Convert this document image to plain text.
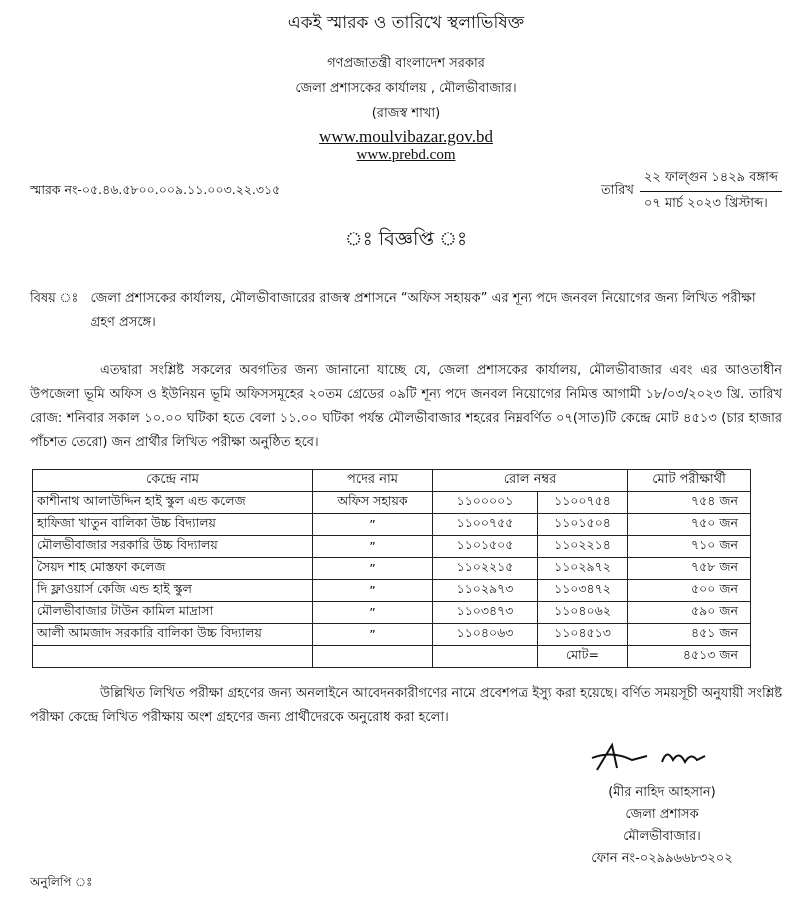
একই স্মারক ও তারিখে স্থলাভিষিক্ত
গণপ্রজাতন্ত্রী বাংলাদেশ সরকার
জেলা প্রশাসকের কার্যালয় , মৌলভীবাজার।
(রাজস্ব শাখা)
www.moulvibazar.gov.bd
www.prebd.com
স্মারক নং-০৫.৪৬.৫৮০০.০০৯.১১.০০৩.২২.৩১৫	তারিখ $\frac{\text{২২ ফাল্গুন ১৪২৯ বঙ্গাব্দ}}{\text{০৭ মার্চ ২০২৩ খ্রিস্টাব্দ।}}$
ঃ বিজ্ঞপ্তি ঃ
বিষয় ঃ জেলা প্রশাসকের কার্যালয়, মৌলভীবাজারের রাজস্ব প্রশাসনে “অফিস সহায়ক” এর শূন্য পদে জনবল নিয়োগের জন্য লিখিত পরীক্ষা গ্রহণ প্রসঙ্গে।
এতদ্বারা সংশ্লিষ্ট সকলের অবগতির জন্য জানানো যাচ্ছে যে, জেলা প্রশাসকের কার্যালয়, মৌলভীবাজার এবং এর আওতাধীন উপজেলা ভূমি অফিস ও ইউনিয়ন ভূমি অফিসসমূহের ২০তম গ্রেডের ০৯টি শূন্য পদে জনবল নিয়োগের নিমিত্ত আগামী ১৮/০৩/২০২৩ খ্রি. তারিখ রোজ: শনিবার সকাল ১০.০০ ঘটিকা হতে বেলা ১১.০০ ঘটিকা পর্যন্ত মৌলভীবাজার শহরের নিম্নবর্ণিত ০৭(সাত)টি কেন্দ্রে মোট ৪৫১৩ (চার হাজার পাঁচশত তেরো) জন প্রার্থীর লিখিত পরীক্ষা অনুষ্ঠিত হবে।
কেন্দ্রে নাম	পদের নাম	রোল নম্বর		মোট পরীক্ষার্থী
কাশীনাথ আলাউদ্দিন হাই স্কুল এন্ড কলেজ	অফিস সহায়ক	১১০০০০১	১১০০৭৫৪	৭৫৪ জন
হাফিজা খাতুন বালিকা উচ্চ বিদ্যালয়	”	১১০০৭৫৫	১১০১৫০৪	৭৫০ জন
মৌলভীবাজার সরকারি উচ্চ বিদ্যালয়	”	১১০১৫০৫	১১০২২১৪	৭১০ জন
সৈয়দ শাহ মোস্তফা কলেজ	”	১১০২২১৫	১১০২৯৭২	৭৫৮ জন
দি ফ্লাওয়ার্স কেজি এন্ড হাই স্কুল	”	১১০২৯৭৩	১১০৩৪৭২	৫০০ জন
মৌলভীবাজার টাউন কামিল মাদ্রাসা	”	১১০৩৪৭৩	১১০৪০৬২	৫৯০ জন
আলী আমজাদ সরকারি বালিকা উচ্চ বিদ্যালয়	”	১১০৪০৬৩	১১০৪৫১৩	৪৫১ জন
			মোট=	৪৫১৩ জন
উল্লিখিত লিখিত পরীক্ষা গ্রহণের জন্য অনলাইনে আবেদনকারীগণের নামে প্রবেশপত্র ইস্যু করা হয়েছে। বর্ণিত সময়সূচী অনুযায়ী সংশ্লিষ্ট পরীক্ষা কেন্দ্রে লিখিত পরীক্ষায় অংশ গ্রহণের জন্য প্রার্থীদেরকে অনুরোধ করা হলো।
(মীর নাহিদ আহসান)
জেলা প্রশাসক
মৌলভীবাজার।
ফোন নং-০২৯৯৬৬৮৩২০২
অনুলিপি ঃ
